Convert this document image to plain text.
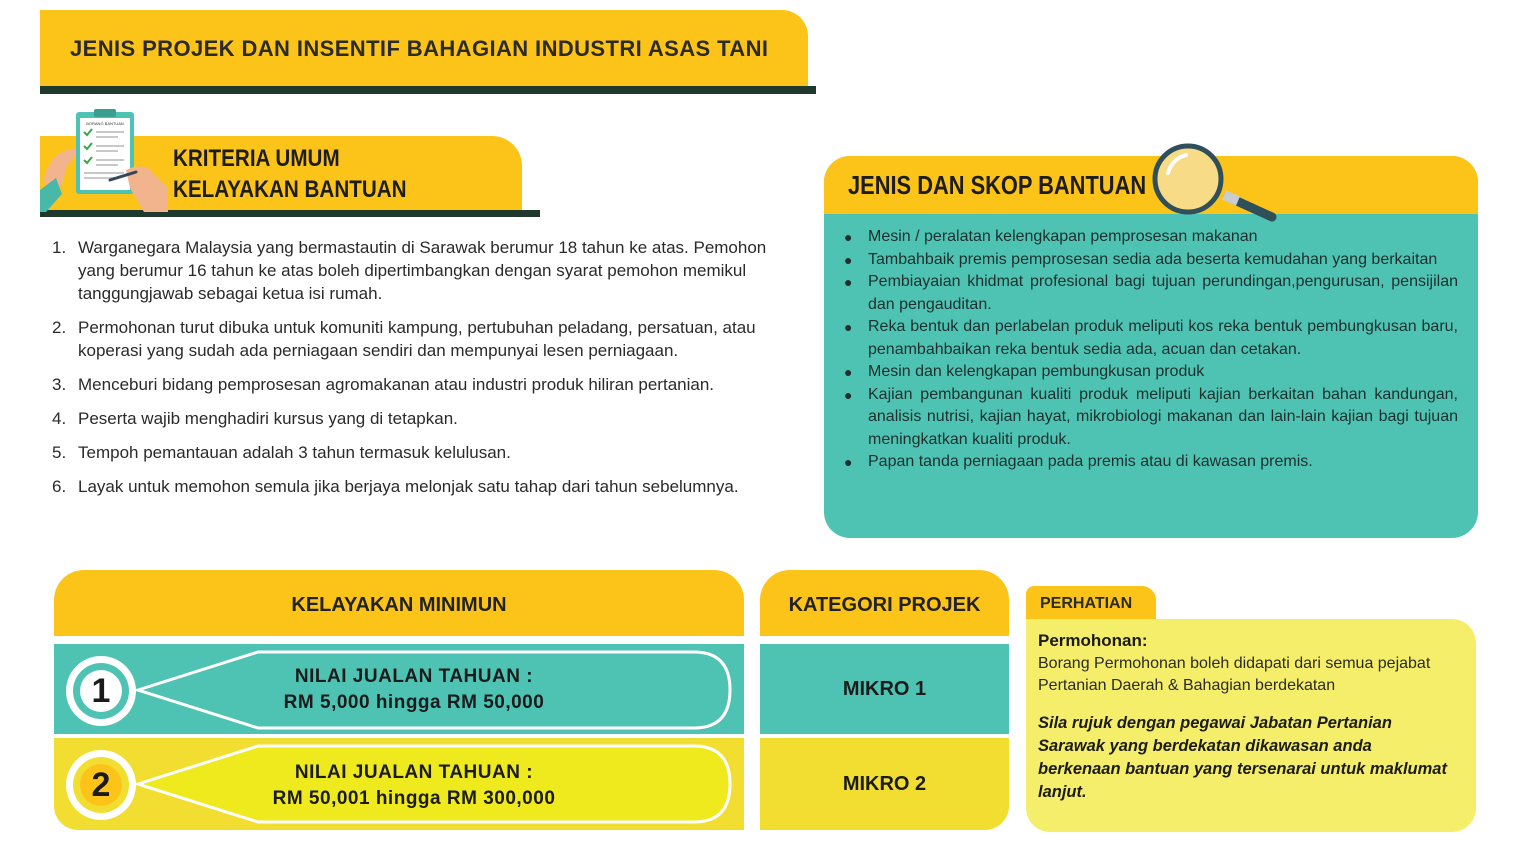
JENIS PROJEK DAN INSENTIF BAHAGIAN INDUSTRI ASAS TANI
BORANG BANTUAN
KRITERIA UMUM
KELAYAKAN BANTUAN
1. Warganegara Malaysia yang bermastautin di Sarawak berumur 18 tahun ke atas. Pemohon yang berumur 16 tahun ke atas boleh dipertimbangkan dengan syarat pemohon memikul tanggungjawab sebagai ketua isi rumah.
2. Permohonan turut dibuka untuk komuniti kampung, pertubuhan peladang, persatuan, atau koperasi yang sudah ada perniagaan sendiri dan mempunyai lesen perniagaan.
3. Menceburi bidang pemprosesan agromakanan atau industri produk hiliran pertanian.
4. Peserta wajib menghadiri kursus yang di tetapkan.
5. Tempoh pemantauan adalah 3 tahun termasuk kelulusan.
6. Layak untuk memohon semula jika berjaya melonjak satu tahap dari tahun sebelumnya.
JENIS DAN SKOP BANTUAN
● Mesin / peralatan kelengkapan pemprosesan makanan
● Tambahbaik premis pemprosesan sedia ada beserta kemudahan yang berkaitan
● Pembiayaian khidmat profesional bagi tujuan perundingan,pengurusan, pensijilan dan pengauditan.
● Reka bentuk dan perlabelan produk meliputi kos reka bentuk pembungkusan baru, penambahbaikan reka bentuk sedia ada, acuan dan cetakan.
● Mesin dan kelengkapan pembungkusan produk
● Kajian pembangunan kualiti produk meliputi kajian berkaitan bahan kandungan, analisis nutrisi, kajian hayat, mikrobiologi makanan dan lain-lain kajian bagi tujuan meningkatkan kualiti produk.
● Papan tanda perniagaan pada premis atau di kawasan premis.
KELAYAKAN MINIMUN
1	NILAI JUALAN TAHUAN :
RM 5,000 hingga RM 50,000
2	NILAI JUALAN TAHUAN :
RM 50,001 hingga RM 300,000
KATEGORI PROJEK
MIKRO 1
MIKRO 2
PERHATIAN
Permohonan:
Borang Permohonan boleh didapati dari semua pejabat Pertanian Daerah & Bahagian berdekatan
Sila rujuk dengan pegawai Jabatan Pertanian Sarawak yang berdekatan dikawasan anda berkenaan bantuan yang tersenarai untuk maklumat lanjut.
